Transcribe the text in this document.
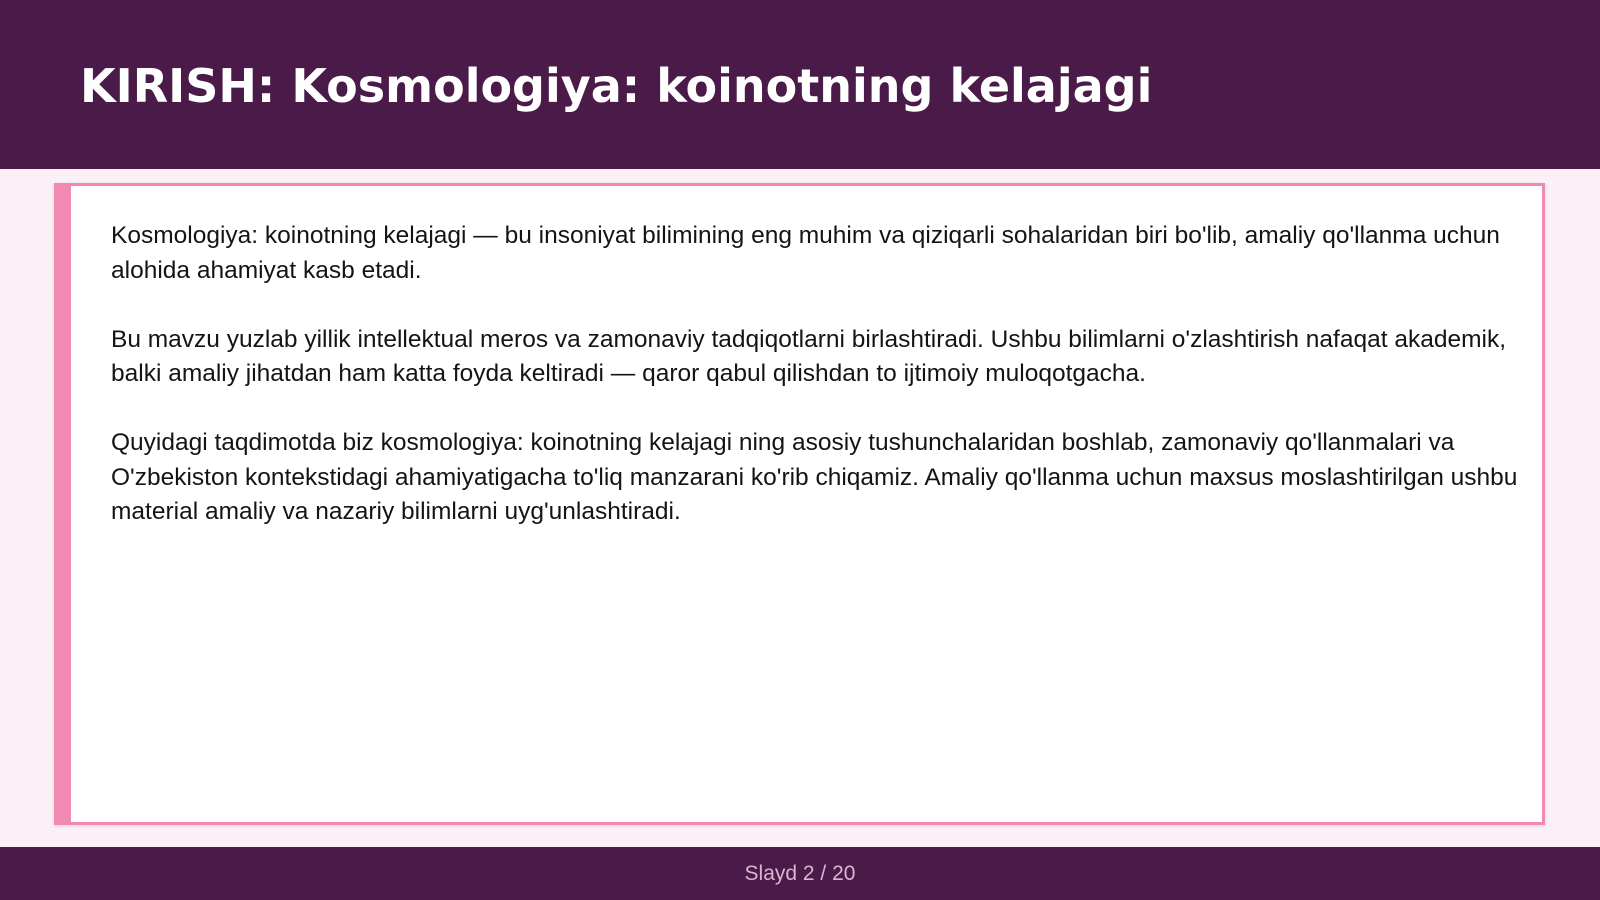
KIRISH: Kosmologiya: koinotning kelajagi

Kosmologiya: koinotning kelajagi — bu insoniyat bilimining eng muhim va qiziqarli sohalaridan biri bo'lib, amaliy qo'llanma uchun alohida ahamiyat kasb etadi.

Bu mavzu yuzlab yillik intellektual meros va zamonaviy tadqiqotlarni birlashtiradi. Ushbu bilimlarni o'zlashtirish nafaqat akademik, balki amaliy jihatdan ham katta foyda keltiradi — qaror qabul qilishdan to ijtimoiy muloqotgacha.

Quyidagi taqdimotda biz kosmologiya: koinotning kelajagi ning asosiy tushunchalaridan boshlab, zamonaviy qo'llanmalari va O'zbekiston kontekstidagi ahamiyatigacha to'liq manzarani ko'rib chiqamiz. Amaliy qo'llanma uchun maxsus moslashtirilgan ushbu material amaliy va nazariy bilimlarni uyg'unlashtiradi.

Slayd 2 / 20
